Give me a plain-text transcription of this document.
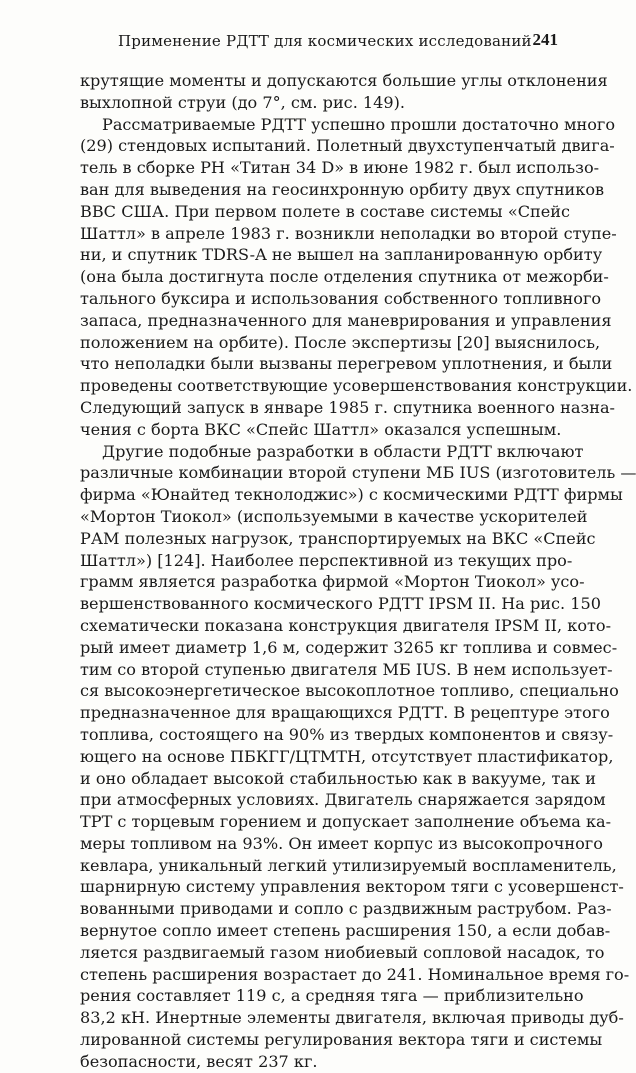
Применение РДТТ для космических исследований 241
крутящие моменты и допускаются большие углы отклонения
выхлопной струи (до 7°, см. рис. 149).
Рассматриваемые РДТТ успешно прошли достаточно много
(29) стендовых испытаний. Полетный двухступенчатый двига-
тель в сборке РН «Титан 34 D» в июне 1982 г. был использо-
ван для выведения на геосинхронную орбиту двух спутников
ВВС США. При первом полете в составе системы «Спейс
Шаттл» в апреле 1983 г. возникли неполадки во второй ступе-
ни, и спутник TDRS-A не вышел на запланированную орбиту
(она была достигнута после отделения спутника от межорби-
тального буксира и использования собственного топливного
запаса, предназначенного для маневрирования и управления
положением на орбите). После экспертизы [20] выяснилось,
что неполадки были вызваны перегревом уплотнения, и были
проведены соответствующие усовершенствования конструкции.
Следующий запуск в январе 1985 г. спутника военного назна-
чения с борта ВКС «Спейс Шаттл» оказался успешным.
Другие подобные разработки в области РДТТ включают
различные комбинации второй ступени МБ IUS (изготовитель —
фирма «Юнайтед текнолоджис») с космическими РДТТ фирмы
«Мортон Тиокол» (используемыми в качестве ускорителей
РАМ полезных нагрузок, транспортируемых на ВКС «Спейс
Шаттл») [124]. Наиболее перспективной из текущих про-
грамм является разработка фирмой «Мортон Тиокол» усо-
вершенствованного космического РДТТ IPSM II. На рис. 150
схематически показана конструкция двигателя IPSM II, кото-
рый имеет диаметр 1,6 м, содержит 3265 кг топлива и совмес-
тим со второй ступенью двигателя МБ IUS. В нем использует-
ся высокоэнергетическое высокоплотное топливо, специально
предназначенное для вращающихся РДТТ. В рецептуре этого
топлива, состоящего на 90% из твердых компонентов и связу-
ющего на основе ПБКГГ/ЦТМТН, отсутствует пластификатор,
и оно обладает высокой стабильностью как в вакууме, так и
при атмосферных условиях. Двигатель снаряжается зарядом
ТРТ с торцевым горением и допускает заполнение объема ка-
меры топливом на 93%. Он имеет корпус из высокопрочного
кевлара, уникальный легкий утилизируемый воспламенитель,
шарнирную систему управления вектором тяги с усовершенст-
вованными приводами и сопло с раздвижным раструбом. Раз-
вернутое сопло имеет степень расширения 150, а если добав-
ляется раздвигаемый газом ниобиевый сопловой насадок, то
степень расширения возрастает до 241. Номинальное время го-
рения составляет 119 с, а средняя тяга — приблизительно
83,2 кН. Инертные элементы двигателя, включая приводы дуб-
лированной системы регулирования вектора тяги и системы
безопасности, весят 237 кг.
